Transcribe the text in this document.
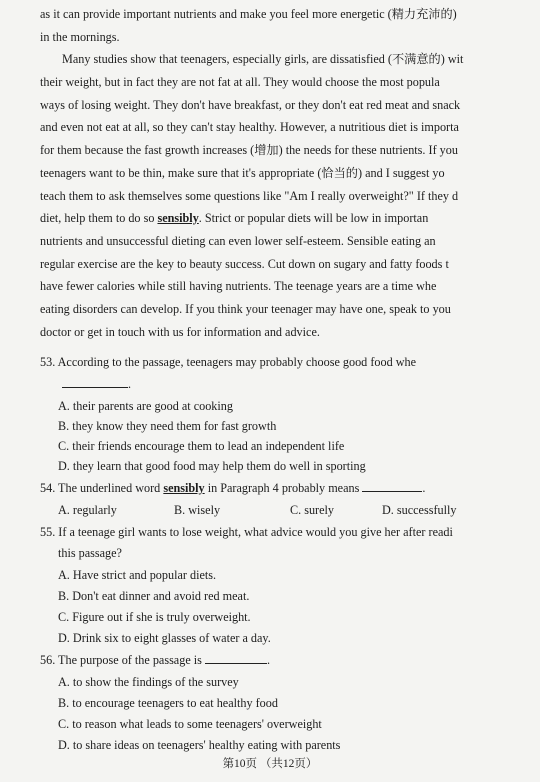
as it can provide important nutrients and make you feel more energetic (精力充沛的)
in the mornings.
Many studies show that teenagers, especially girls, are dissatisfied (不满意的) wit
their weight, but in fact they are not fat at all. They would choose the most popula
ways of losing weight. They don't have breakfast, or they don't eat red meat and snack
and even not eat at all, so they can't stay healthy. However, a nutritious diet is importa
for them because the fast growth increases (增加) the needs for these nutrients. If you
teenagers want to be thin, make sure that it's appropriate (恰当的) and I suggest yo
teach them to ask themselves some questions like "Am I really overweight?" If they d
diet, help them to do so sensibly. Strict or popular diets will be low in importan
nutrients and unsuccessful dieting can even lower self-esteem. Sensible eating an
regular exercise are the key to beauty success. Cut down on sugary and fatty foods t
have fewer calories while still having nutrients. The teenage years are a time whe
eating disorders can develop. If you think your teenager may have one, speak to you
doctor or get in touch with us for information and advice.
53. According to the passage, teenagers may probably choose good food whe
.
A. their parents are good at cooking
B. they know they need them for fast growth
C. their friends encourage them to lead an independent life
D. they learn that good food may help them do well in sporting
54. The underlined word sensibly in Paragraph 4 probably means	.
A. regularly	B. wisely	C. surely	D. successfully
55. If a teenage girl wants to lose weight, what advice would you give her after readi
this passage?
A. Have strict and popular diets.
B. Don't eat dinner and avoid red meat.
C. Figure out if she is truly overweight.
D. Drink six to eight glasses of water a day.
56. The purpose of the passage is	.
A. to show the findings of the survey
B. to encourage teenagers to eat healthy food
C. to reason what leads to some teenagers' overweight
D. to share ideas on teenagers' healthy eating with parents
第10页 （共12页）
